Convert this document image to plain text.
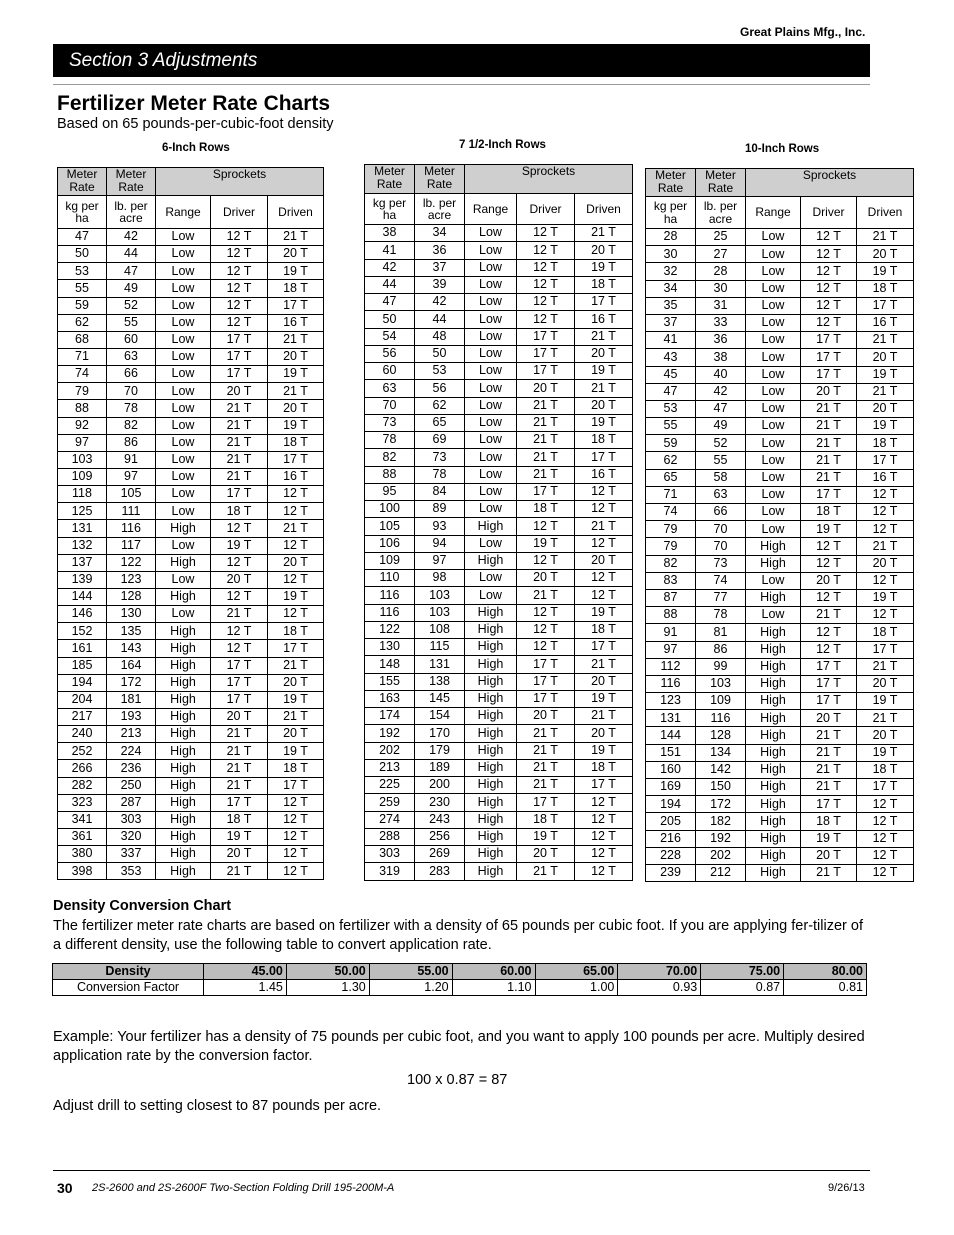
Great Plains Mfg., Inc.
Section 3 Adjustments
Fertilizer Meter Rate Charts
Based on 65 pounds-per-cubic-foot density
6-Inch Rows	7 1/2-Inch Rows	10-Inch Rows
Meter Rate	Meter Rate	Sprockets		
kg per ha	lb. per acre	Range	Driver	Driven
47	42	Low	12 T	21 T
50	44	Low	12 T	20 T
53	47	Low	12 T	19 T
55	49	Low	12 T	18 T
59	52	Low	12 T	17 T
62	55	Low	12 T	16 T
68	60	Low	17 T	21 T
71	63	Low	17 T	20 T
74	66	Low	17 T	19 T
79	70	Low	20 T	21 T
88	78	Low	21 T	20 T
92	82	Low	21 T	19 T
97	86	Low	21 T	18 T
103	91	Low	21 T	17 T
109	97	Low	21 T	16 T
118	105	Low	17 T	12 T
125	111	Low	18 T	12 T
131	116	High	12 T	21 T
132	117	Low	19 T	12 T
137	122	High	12 T	20 T
139	123	Low	20 T	12 T
144	128	High	12 T	19 T
146	130	Low	21 T	12 T
152	135	High	12 T	18 T
161	143	High	12 T	17 T
185	164	High	17 T	21 T
194	172	High	17 T	20 T
204	181	High	17 T	19 T
217	193	High	20 T	21 T
240	213	High	21 T	20 T
252	224	High	21 T	19 T
266	236	High	21 T	18 T
282	250	High	21 T	17 T
323	287	High	17 T	12 T
341	303	High	18 T	12 T
361	320	High	19 T	12 T
380	337	High	20 T	12 T
398	353	High	21 T	12 T
Meter Rate	Meter Rate	Sprockets		
kg per ha	lb. per acre	Range	Driver	Driven
38	34	Low	12 T	21 T
41	36	Low	12 T	20 T
42	37	Low	12 T	19 T
44	39	Low	12 T	18 T
47	42	Low	12 T	17 T
50	44	Low	12 T	16 T
54	48	Low	17 T	21 T
56	50	Low	17 T	20 T
60	53	Low	17 T	19 T
63	56	Low	20 T	21 T
70	62	Low	21 T	20 T
73	65	Low	21 T	19 T
78	69	Low	21 T	18 T
82	73	Low	21 T	17 T
88	78	Low	21 T	16 T
95	84	Low	17 T	12 T
100	89	Low	18 T	12 T
105	93	High	12 T	21 T
106	94	Low	19 T	12 T
109	97	High	12 T	20 T
110	98	Low	20 T	12 T
116	103	Low	21 T	12 T
116	103	High	12 T	19 T
122	108	High	12 T	18 T
130	115	High	12 T	17 T
148	131	High	17 T	21 T
155	138	High	17 T	20 T
163	145	High	17 T	19 T
174	154	High	20 T	21 T
192	170	High	21 T	20 T
202	179	High	21 T	19 T
213	189	High	21 T	18 T
225	200	High	21 T	17 T
259	230	High	17 T	12 T
274	243	High	18 T	12 T
288	256	High	19 T	12 T
303	269	High	20 T	12 T
319	283	High	21 T	12 T
Meter Rate	Meter Rate	Sprockets		
kg per ha	lb. per acre	Range	Driver	Driven
28	25	Low	12 T	21 T
30	27	Low	12 T	20 T
32	28	Low	12 T	19 T
34	30	Low	12 T	18 T
35	31	Low	12 T	17 T
37	33	Low	12 T	16 T
41	36	Low	17 T	21 T
43	38	Low	17 T	20 T
45	40	Low	17 T	19 T
47	42	Low	20 T	21 T
53	47	Low	21 T	20 T
55	49	Low	21 T	19 T
59	52	Low	21 T	18 T
62	55	Low	21 T	17 T
65	58	Low	21 T	16 T
71	63	Low	17 T	12 T
74	66	Low	18 T	12 T
79	70	Low	19 T	12 T
79	70	High	12 T	21 T
82	73	High	12 T	20 T
83	74	Low	20 T	12 T
87	77	High	12 T	19 T
88	78	Low	21 T	12 T
91	81	High	12 T	18 T
97	86	High	12 T	17 T
112	99	High	17 T	21 T
116	103	High	17 T	20 T
123	109	High	17 T	19 T
131	116	High	20 T	21 T
144	128	High	21 T	20 T
151	134	High	21 T	19 T
160	142	High	21 T	18 T
169	150	High	21 T	17 T
194	172	High	17 T	12 T
205	182	High	18 T	12 T
216	192	High	19 T	12 T
228	202	High	20 T	12 T
239	212	High	21 T	12 T
Density Conversion Chart

The fertilizer meter rate charts are based on fertilizer with a density of 65 pounds per cubic foot. If you are applying fer-tilizer of a different density, use the following table to convert application rate.

Density	45.00	50.00	55.00	60.00	65.00	70.00	75.00	80.00
Conversion Factor	1.45	1.30	1.20	1.10	1.00	0.93	0.87	0.81

Example: Your fertilizer has a density of 75 pounds per cubic foot, and you want to apply 100 pounds per acre. Multiply desired application rate by the conversion factor.

100 x 0.87 = 87
Adjust drill to setting closest to 87 pounds per acre.
30 2S-2600 and 2S-2600F Two-Section Folding Drill 195-200M-A	9/26/13
